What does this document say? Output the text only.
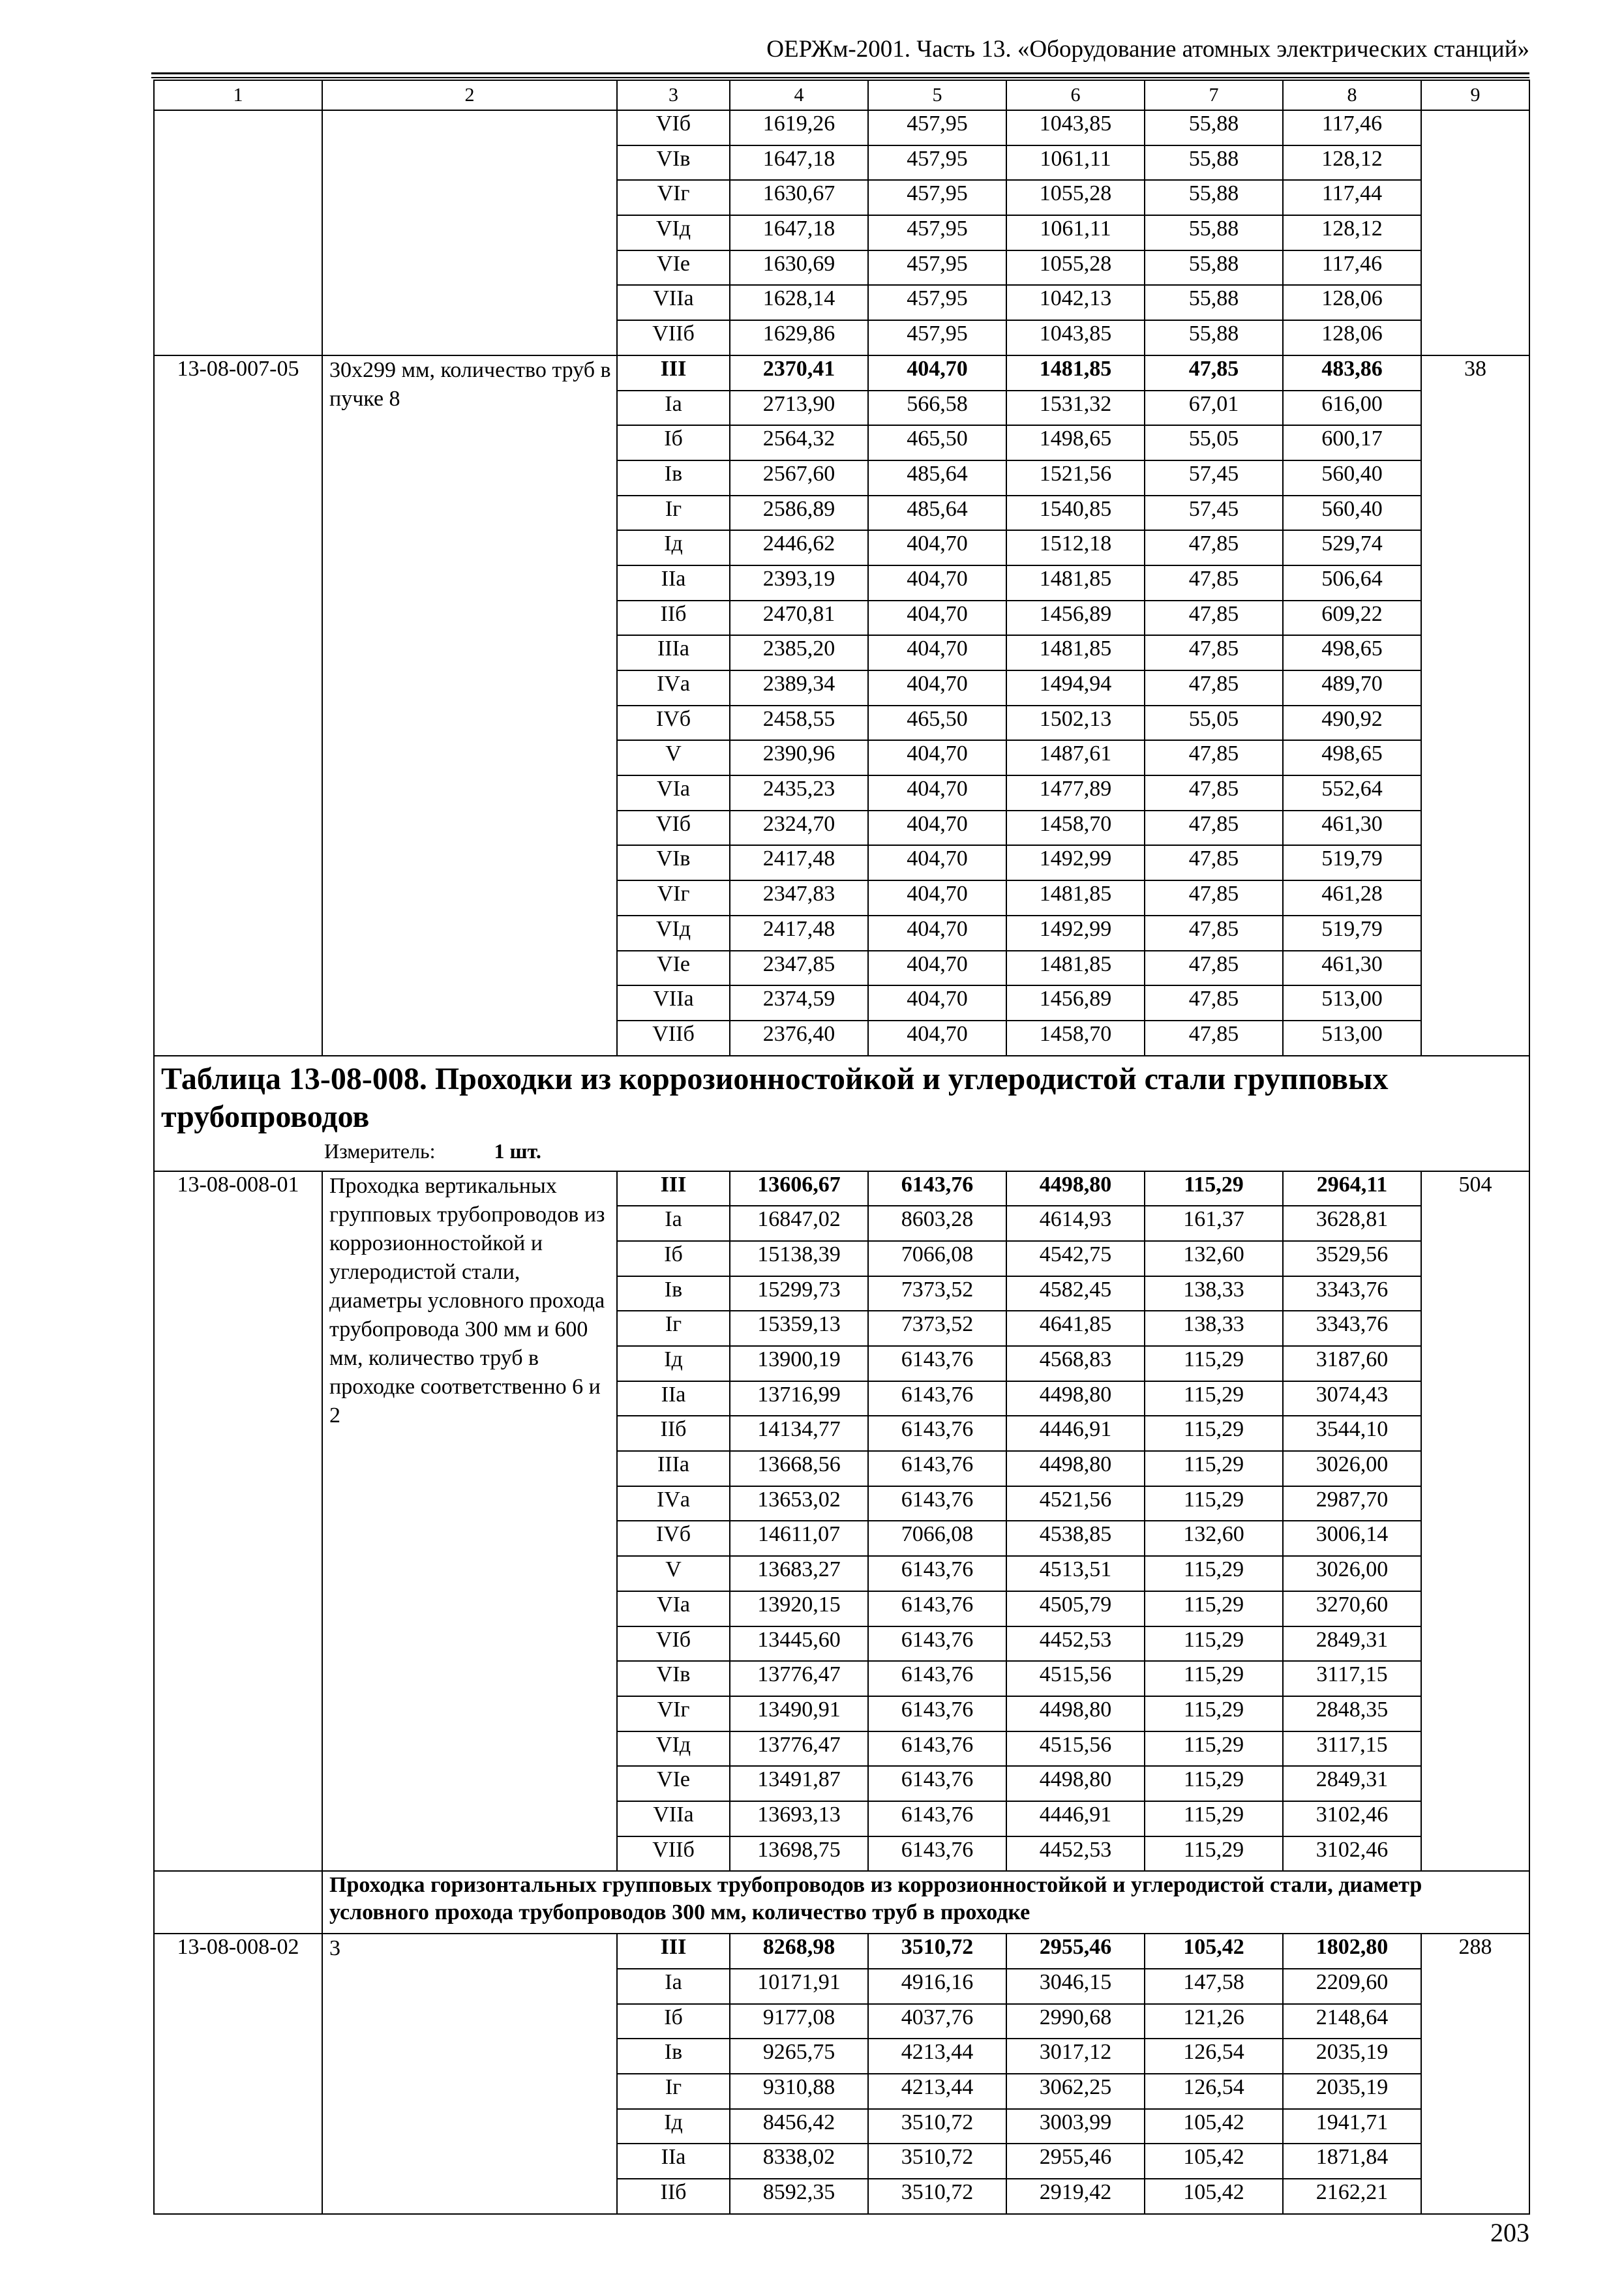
ОЕРЖм-2001. Часть 13. «Оборудование атомных электрических станций»
1	2	3	4	5	6	7	8	9
		VIб	1619,26	457,95	1043,85	55,88	117,46	
		VIв	1647,18	457,95	1061,11	55,88	128,12	
		VIг	1630,67	457,95	1055,28	55,88	117,44	
		VIд	1647,18	457,95	1061,11	55,88	128,12	
		VIе	1630,69	457,95	1055,28	55,88	117,46	
		VIIа	1628,14	457,95	1042,13	55,88	128,06	
		VIIб	1629,86	457,95	1043,85	55,88	128,06	
13-08-007-05	30х299 мм, количество труб в пучке 8	III	2370,41	404,70	1481,85	47,85	483,86	38
		Iа	2713,90	566,58	1531,32	67,01	616,00	
		Iб	2564,32	465,50	1498,65	55,05	600,17	
		Iв	2567,60	485,64	1521,56	57,45	560,40	
		Iг	2586,89	485,64	1540,85	57,45	560,40	
		Iд	2446,62	404,70	1512,18	47,85	529,74	
		IIа	2393,19	404,70	1481,85	47,85	506,64	
		IIб	2470,81	404,70	1456,89	47,85	609,22	
		IIIа	2385,20	404,70	1481,85	47,85	498,65	
		IVа	2389,34	404,70	1494,94	47,85	489,70	
		IVб	2458,55	465,50	1502,13	55,05	490,92	
		V	2390,96	404,70	1487,61	47,85	498,65	
		VIа	2435,23	404,70	1477,89	47,85	552,64	
		VIб	2324,70	404,70	1458,70	47,85	461,30	
		VIв	2417,48	404,70	1492,99	47,85	519,79	
		VIг	2347,83	404,70	1481,85	47,85	461,28	
		VIд	2417,48	404,70	1492,99	47,85	519,79	
		VIе	2347,85	404,70	1481,85	47,85	461,30	
		VIIа	2374,59	404,70	1456,89	47,85	513,00	
		VIIб	2376,40	404,70	1458,70	47,85	513,00	

Таблица 13-08-008. Проходки из коррозионностойкой и углеродистой стали групповых трубопроводов
Измеритель: 1 шт.								

13-08-008-01	Проходка вертикальных групповых трубопроводов из коррозионностойкой и углеродистой стали, диаметры условного прохода трубопровода 300 мм и 600 мм, количество труб в проходке соответственно 6 и 2	III	13606,67	6143,76	4498,80	115,29	2964,11	504
		Iа	16847,02	8603,28	4614,93	161,37	3628,81	
		Iб	15138,39	7066,08	4542,75	132,60	3529,56	
		Iв	15299,73	7373,52	4582,45	138,33	3343,76	
		Iг	15359,13	7373,52	4641,85	138,33	3343,76	
		Iд	13900,19	6143,76	4568,83	115,29	3187,60	
		IIа	13716,99	6143,76	4498,80	115,29	3074,43	
		IIб	14134,77	6143,76	4446,91	115,29	3544,10	
		IIIа	13668,56	6143,76	4498,80	115,29	3026,00	
		IVа	13653,02	6143,76	4521,56	115,29	2987,70	
		IVб	14611,07	7066,08	4538,85	132,60	3006,14	
		V	13683,27	6143,76	4513,51	115,29	3026,00	
		VIа	13920,15	6143,76	4505,79	115,29	3270,60	
		VIб	13445,60	6143,76	4452,53	115,29	2849,31	
		VIв	13776,47	6143,76	4515,56	115,29	3117,15	
		VIг	13490,91	6143,76	4498,80	115,29	2848,35	
		VIд	13776,47	6143,76	4515,56	115,29	3117,15	
		VIе	13491,87	6143,76	4498,80	115,29	2849,31	
		VIIа	13693,13	6143,76	4446,91	115,29	3102,46	
		VIIб	13698,75	6143,76	4452,53	115,29	3102,46	
	Проходка горизонтальных групповых трубопроводов из коррозионностойкой и углеродистой стали, диаметр условного прохода трубопроводов 300 мм, количество труб в проходке							
13-08-008-02	3	III	8268,98	3510,72	2955,46	105,42	1802,80	288
		Iа	10171,91	4916,16	3046,15	147,58	2209,60	
		Iб	9177,08	4037,76	2990,68	121,26	2148,64	
		Iв	9265,75	4213,44	3017,12	126,54	2035,19	
		Iг	9310,88	4213,44	3062,25	126,54	2035,19	
		Iд	8456,42	3510,72	3003,99	105,42	1941,71	
		IIа	8338,02	3510,72	2955,46	105,42	1871,84	
		IIб	8592,35	3510,72	2919,42	105,42	2162,21	
203
